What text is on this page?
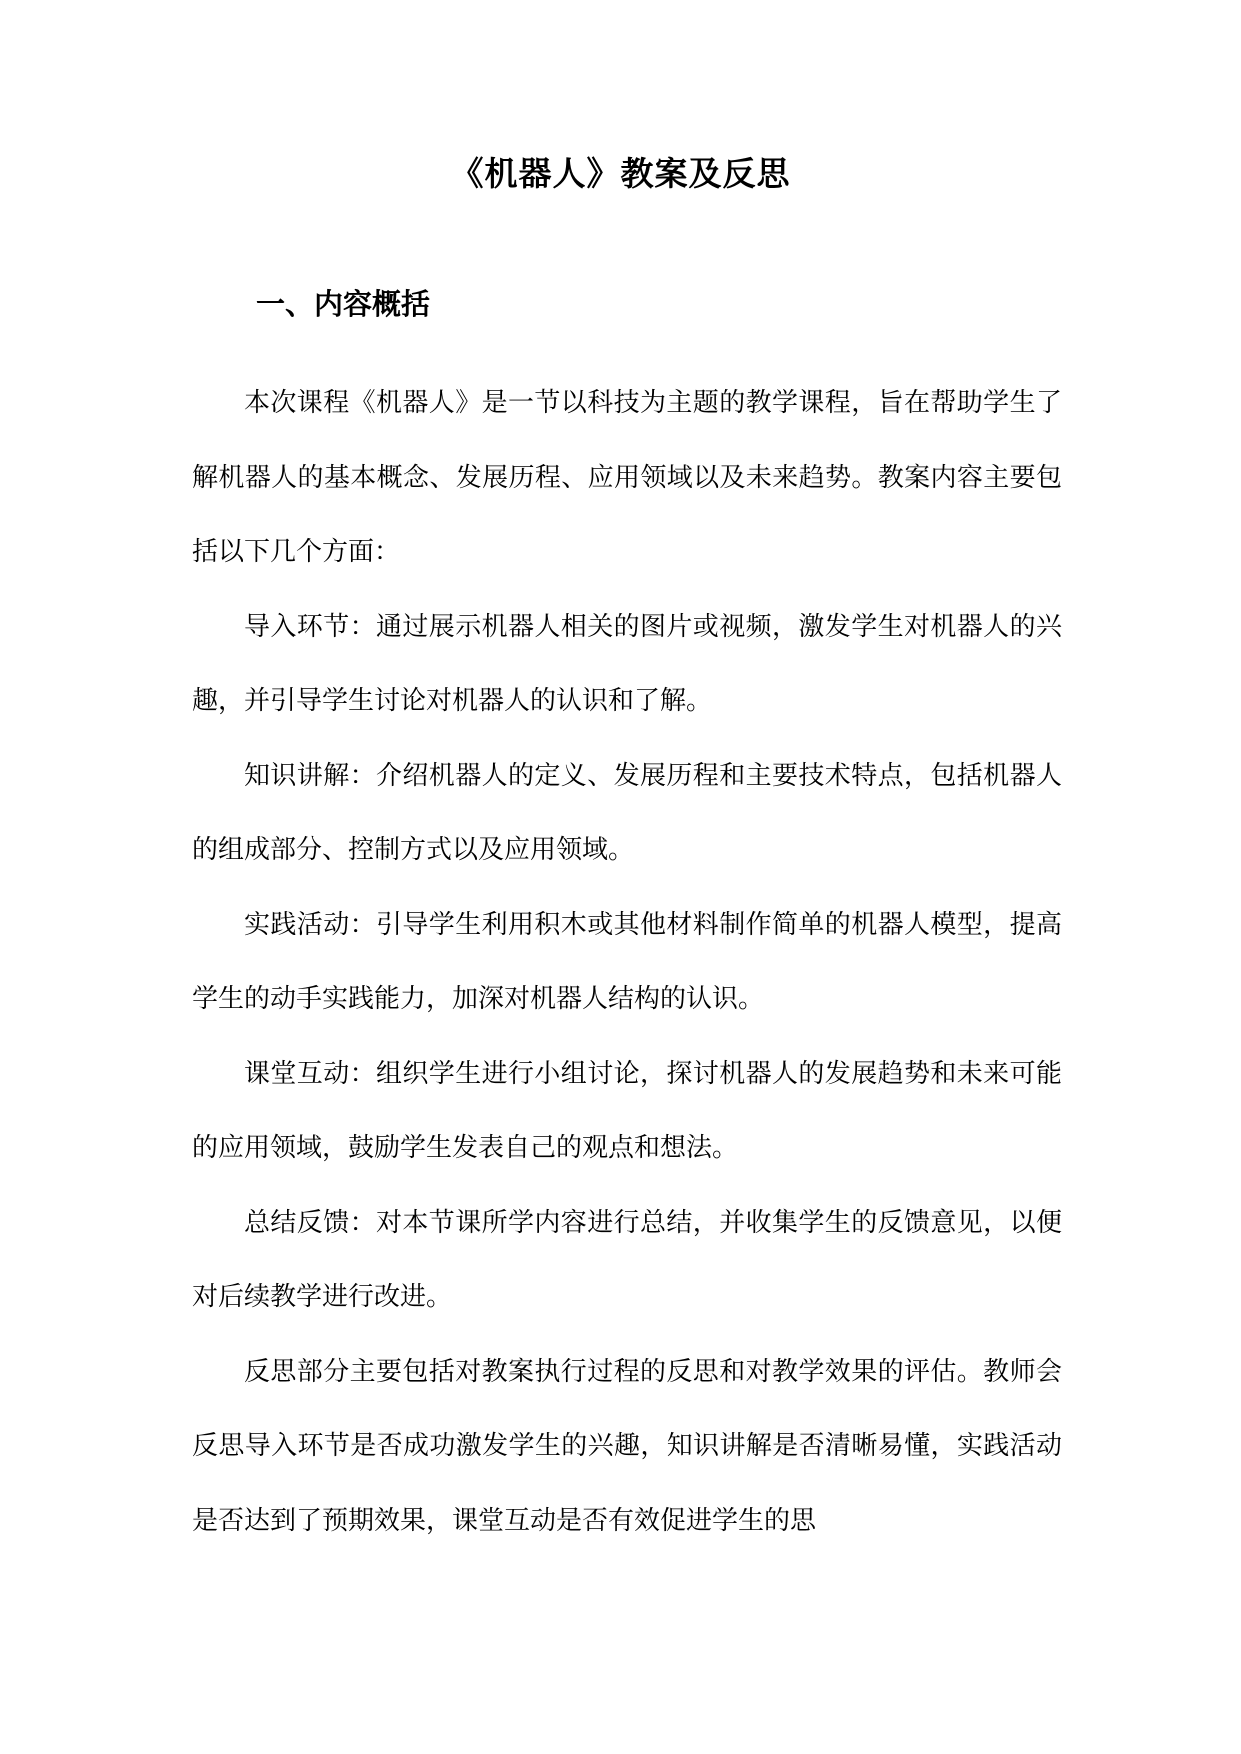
《机器人》教案及反思
一、内容概括

本次课程《机器人》是一节以科技为主题的教学课程，旨在帮助学生了解机器人的基本概念、发展历程、应用领域以及未来趋势。教案内容主要包括以下几个方面：

导入环节：通过展示机器人相关的图片或视频，激发学生对机器人的兴趣，并引导学生讨论对机器人的认识和了解。

知识讲解：介绍机器人的定义、发展历程和主要技术特点，包括机器人的组成部分、控制方式以及应用领域。

实践活动：引导学生利用积木或其他材料制作简单的机器人模型，提高学生的动手实践能力，加深对机器人结构的认识。

课堂互动：组织学生进行小组讨论，探讨机器人的发展趋势和未来可能的应用领域，鼓励学生发表自己的观点和想法。

总结反馈：对本节课所学内容进行总结，并收集学生的反馈意见，以便对后续教学进行改进。

反思部分主要包括对教案执行过程的反思和对教学效果的评估。教师会反思导入环节是否成功激发学生的兴趣，知识讲解是否清晰易懂，实践活动是否达到了预期效果，课堂互动是否有效促进学生的思
